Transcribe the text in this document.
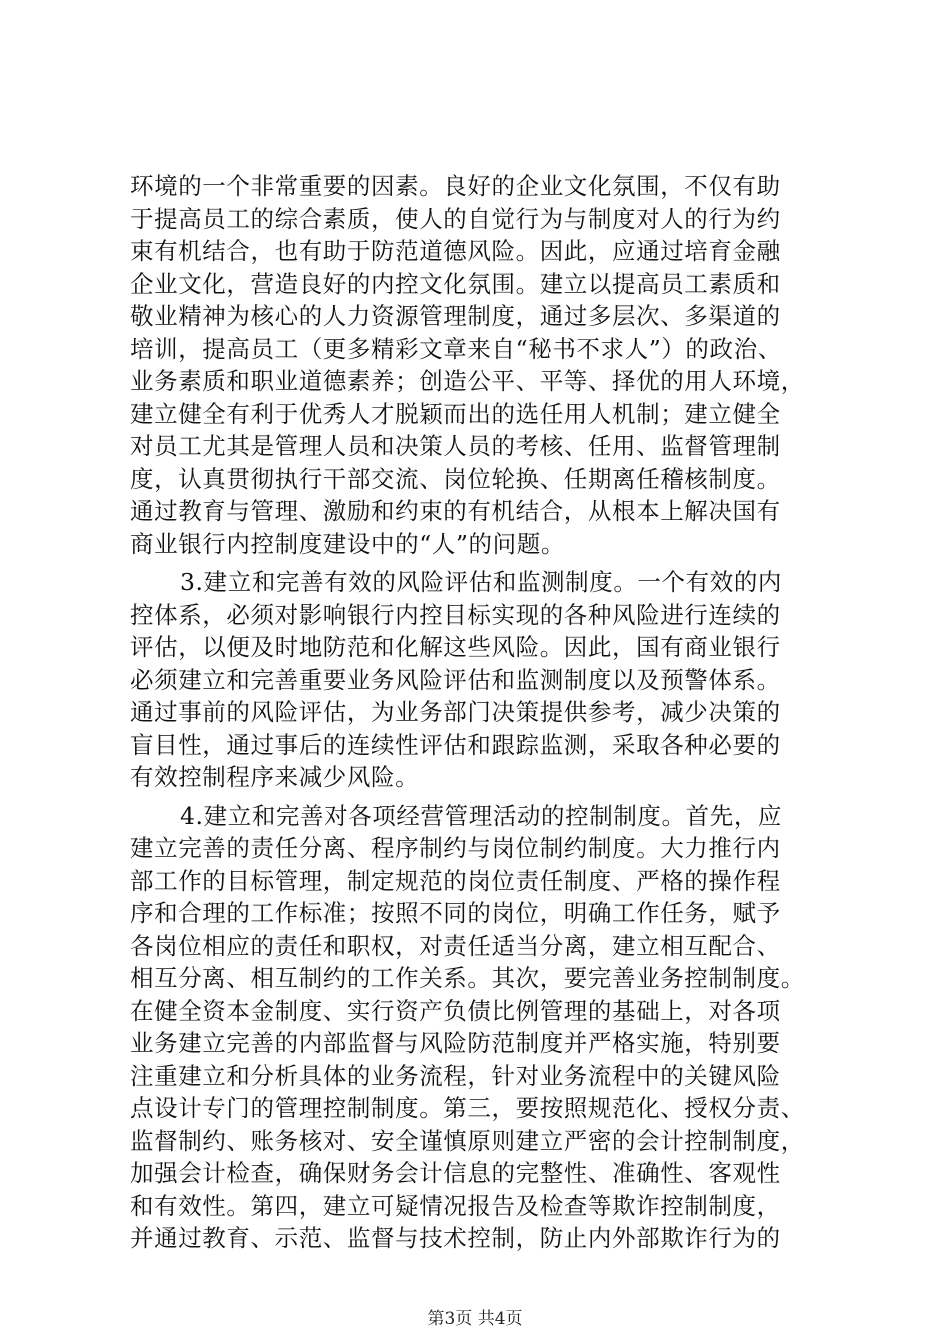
环境的一个非常重要的因素。良好的企业文化氛围，不仅有助
于提高员工的综合素质，使人的自觉行为与制度对人的行为约
束有机结合，也有助于防范道德风险。因此，应通过培育金融
企业文化，营造良好的内控文化氛围。建立以提高员工素质和
敬业精神为核心的人力资源管理制度，通过多层次、多渠道的
培训，提高员工（更多精彩文章来自“秘书不求人”）的政治、
业务素质和职业道德素养；创造公平、平等、择优的用人环境，
建立健全有利于优秀人才脱颖而出的选任用人机制；建立健全
对员工尤其是管理人员和决策人员的考核、任用、监督管理制
度，认真贯彻执行干部交流、岗位轮换、任期离任稽核制度。
通过教育与管理、激励和约束的有机结合，从根本上解决国有
商业银行内控制度建设中的“人”的问题。
3.建立和完善有效的风险评估和监测制度。一个有效的内
控体系，必须对影响银行内控目标实现的各种风险进行连续的
评估，以便及时地防范和化解这些风险。因此，国有商业银行
必须建立和完善重要业务风险评估和监测制度以及预警体系。
通过事前的风险评估，为业务部门决策提供参考，减少决策的
盲目性，通过事后的连续性评估和跟踪监测，采取各种必要的
有效控制程序来减少风险。
4.建立和完善对各项经营管理活动的控制制度。首先，应
建立完善的责任分离、程序制约与岗位制约制度。大力推行内
部工作的目标管理，制定规范的岗位责任制度、严格的操作程
序和合理的工作标准；按照不同的岗位，明确工作任务，赋予
各岗位相应的责任和职权，对责任适当分离，建立相互配合、
相互分离、相互制约的工作关系。其次，要完善业务控制制度。
在健全资本金制度、实行资产负债比例管理的基础上，对各项
业务建立完善的内部监督与风险防范制度并严格实施，特别要
注重建立和分析具体的业务流程，针对业务流程中的关键风险
点设计专门的管理控制制度。第三，要按照规范化、授权分责、
监督制约、账务核对、安全谨慎原则建立严密的会计控制制度，
加强会计检查，确保财务会计信息的完整性、准确性、客观性
和有效性。第四，建立可疑情况报告及检查等欺诈控制制度，
并通过教育、示范、监督与技术控制，防止内外部欺诈行为的
第3页 共4页
